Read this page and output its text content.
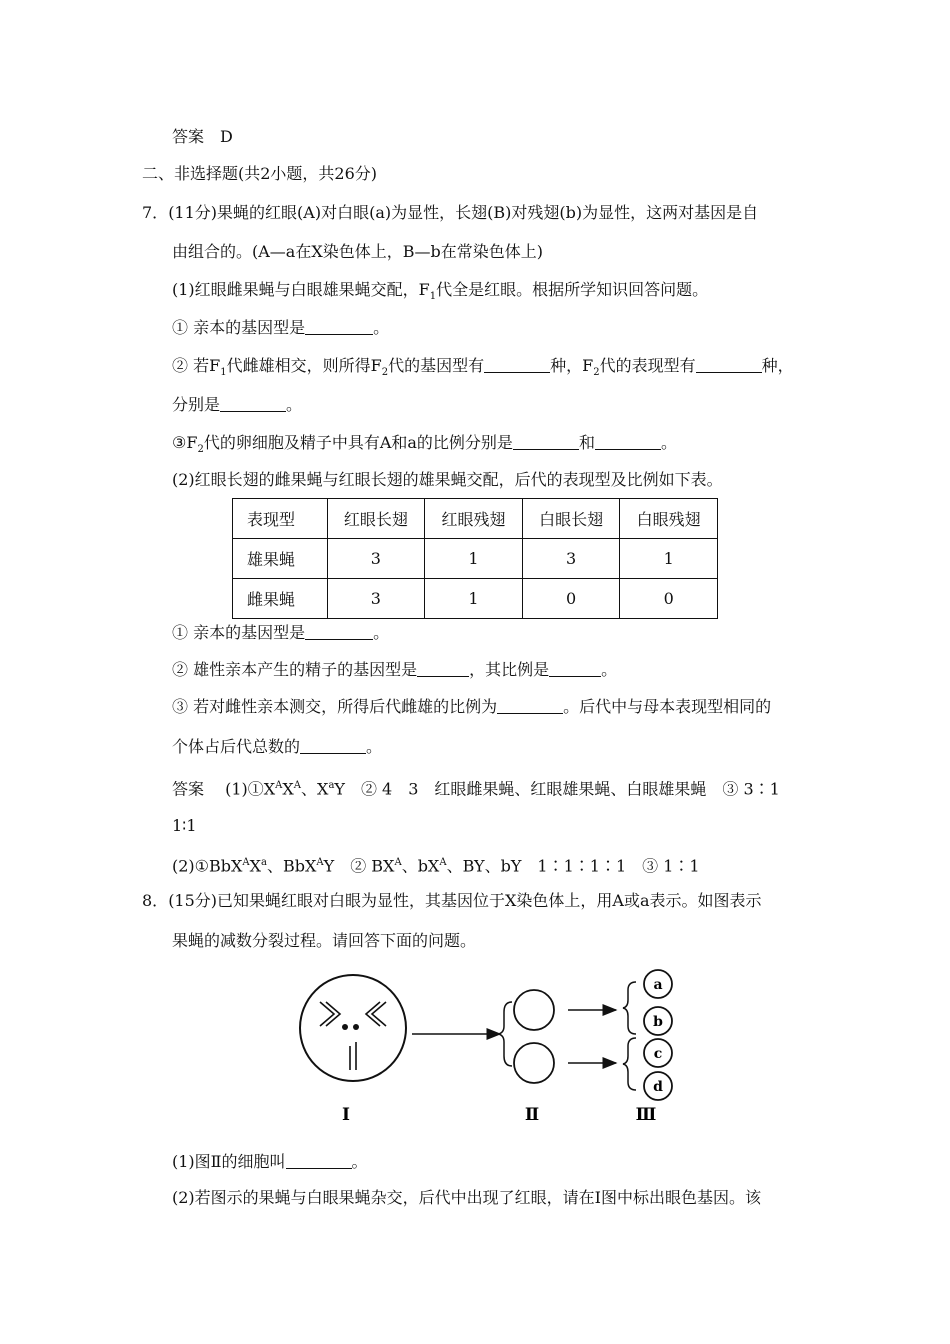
答案　 D
二、非选择题(共2小题，共26分)
7．(11分)果蝇的红眼(A)对白眼(a)为显性，长翅(B)对残翅(b)为显性，这两对基因是自
由组合的。(A—a在X染色体上，B—b在常染色体上)
(1)红眼雌果蝇与白眼雄果蝇交配，$F_1$代全是红眼。根据所学知识回答问题。
① 亲本的基因型是	。
② 若$F_1$代雌雄相交，则所得$F_2$代的基因型有	种，$F_2$代的表现型有	种，
分别是	。
$③F_2$代的卵细胞及精子中具有A和a的比例分别是	和	。
(2)红眼长翅的雌果蝇与红眼长翅的雄果蝇交配，后代的表现型及比例如下表。
表现型	红眼长翅	红眼残翅	白眼长翅	白眼残翅
雄果蝇	3	1	3	1
雌果蝇	3	1	0	0
① 亲本的基因型是	。
② 雄性亲本产生的精子的基因型是	，其比例是	。
③ 若对雌性亲本测交，所得后代雌雄的比例为	。后代中与母本表现型相同的
个体占后代总数的	。
答案　 $(1)①X^AX^A$、$X^aY$　② 4　3　红眼雌果蝇、红眼雄果蝇、白眼雄果蝇　③ 3∶1
1∶1
$(2)①BbX^AX^a$、BbX$^A$Y　② $BX^A$、$bX^A$、BY、bY　1∶1∶1∶1　③ 1∶1
8．(15分)已知果蝇红眼对白眼为显性，其基因位于X染色体上，用A或a表示。如图表示
果蝇的减数分裂过程。请回答下面的问题。
a
b
c
d
Ⅰ	Ⅱ	Ⅲ
(1)图Ⅱ的细胞叫	。
(2)若图示的果蝇与白眼果蝇杂交，后代中出现了红眼，请在Ⅰ图中标出眼色基因。该
